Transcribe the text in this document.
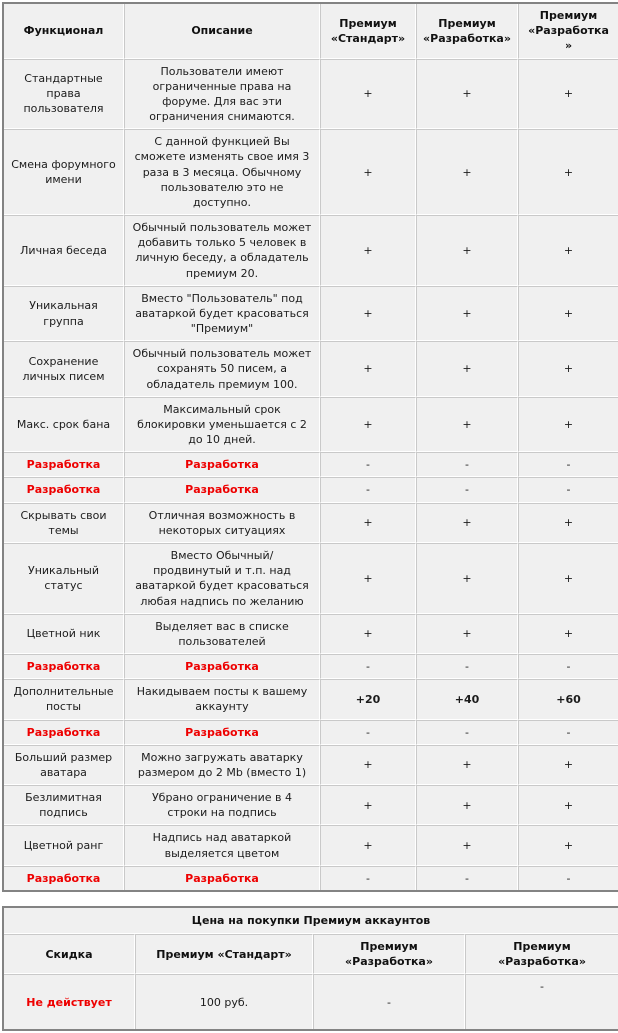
Функционал	Описание	Премиум «Стандарт»	Премиум «Разработка»	Премиум «Разработка»
Стандартные права пользователя	Пользователи имеют ограниченные права на форуме. Для вас эти ограничения снимаются.	+	+	+
Смена форумного имени	С данной функцией Вы сможете изменять свое имя 3 раза в 3 месяца. Обычному пользователю это не доступно.	+	+	+
Личная беседа	Обычный пользователь может добавить только 5 человек в личную беседу, а обладатель премиум 20.	+	+	+
Уникальная группа	Вместо "Пользователь" под аватаркой будет красоваться "Премиум"	+	+	+
Сохранение личных писем	Обычный пользователь может сохранять 50 писем, а обладатель премиум 100.	+	+	+
Макс. срок бана	Максимальный срок блокировки уменьшается с 2 до 10 дней.	+	+	+
Разработка	Разработка	-	-	-
Разработка	Разработка	-	-	-
Скрывать свои темы	Отличная возможность в некоторых ситуациях	+	+	+
Уникальный статус	Вместо Обычный/ продвинутый и т.п. над аватаркой будет красоваться любая надпись по желанию	+	+	+
Цветной ник	Выделяет вас в списке пользователей	+	+	+
Разработка	Разработка	-	-	-
Дополнительные посты	Накидываем посты к вашему аккаунту	+20	+40	+60
Разработка	Разработка	-	-	-
Больший размер аватара	Можно загружать аватарку размером до 2 Mb (вместо 1)	+	+	+
Безлимитная подпись	Убрано ограничение в 4 строки на подпись	+	+	+
Цветной ранг	Надпись над аватаркой выделяется цветом	+	+	+
Разработка	Разработка	-	-	-
Цена на покупки Премиум аккаунтов			
Скидка	Премиум «Стандарт»	Премиум «Разработка»	Премиум «Разработка»
Не действует	100 руб.	-	-
